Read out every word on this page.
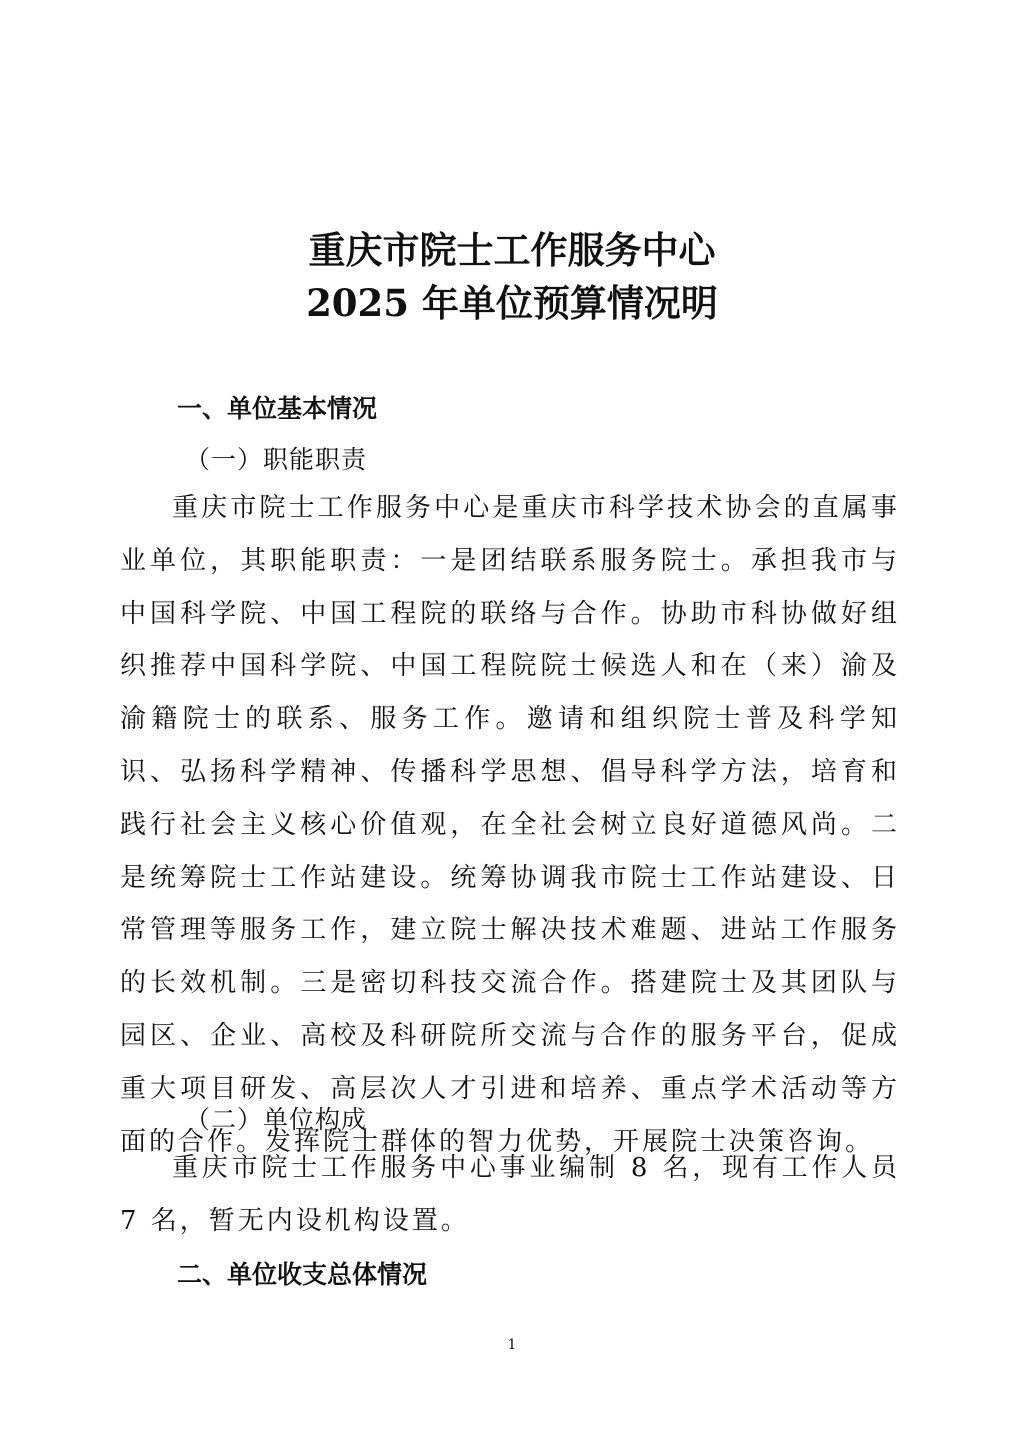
重庆市院士工作服务中心
2025 年单位预算情况明
一、单位基本情况
（一）职能职责
重庆市院士工作服务中心是重庆市科学技术协会的直属事业单位，其职能职责：一是团结联系服务院士。承担我市与中国科学院、中国工程院的联络与合作。协助市科协做好组织推荐中国科学院、中国工程院院士候选人和在（来）渝及渝籍院士的联系、服务工作。邀请和组织院士普及科学知识、弘扬科学精神、传播科学思想、倡导科学方法，培育和践行社会主义核心价值观，在全社会树立良好道德风尚。二是统筹院士工作站建设。统筹协调我市院士工作站建设、日常管理等服务工作，建立院士解决技术难题、进站工作服务的长效机制。三是密切科技交流合作。搭建院士及其团队与园区、企业、高校及科研院所交流与合作的服务平台，促成重大项目研发、高层次人才引进和培养、重点学术活动等方面的合作。发挥院士群体的智力优势，开展院士决策咨询。
（二）单位构成
重庆市院士工作服务中心事业编制 8 名，现有工作人员 7 名，暂无内设机构设置。
二、单位收支总体情况
1
